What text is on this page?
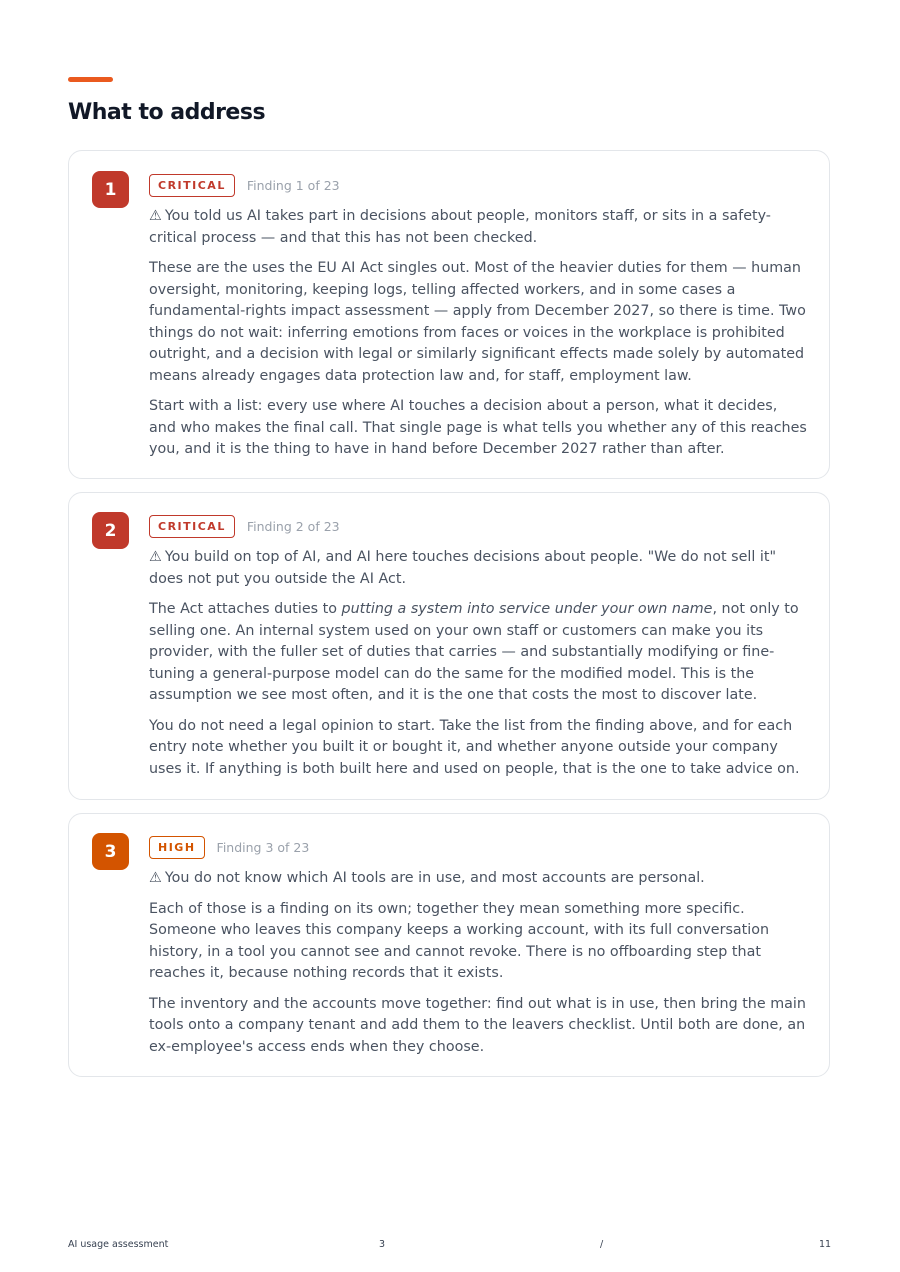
What to address
1	CRITICAL	Finding 1 of 23

⚠ You told us AI takes part in decisions about people, monitors staff, or sits in a safety-critical process — and that this has not been checked.

These are the uses the EU AI Act singles out. Most of the heavier duties for them — human oversight, monitoring, keeping logs, telling affected workers, and in some cases a fundamental-rights impact assessment — apply from December 2027, so there is time. Two things do not wait: inferring emotions from faces or voices in the workplace is prohibited outright, and a decision with legal or similarly significant effects made solely by automated means already engages data protection law and, for staff, employment law.

Start with a list: every use where AI touches a decision about a person, what it decides, and who makes the final call. That single page is what tells you whether any of this reaches you, and it is the thing to have in hand before December 2027 rather than after.

2	CRITICAL	Finding 2 of 23

⚠ You build on top of AI, and AI here touches decisions about people. "We do not sell it" does not put you outside the AI Act.

The Act attaches duties to putting a system into service under your own name, not only to selling one. An internal system used on your own staff or customers can make you its provider, with the fuller set of duties that carries — and substantially modifying or fine-tuning a general-purpose model can do the same for the modified model. This is the assumption we see most often, and it is the one that costs the most to discover late.

You do not need a legal opinion to start. Take the list from the finding above, and for each entry note whether you built it or bought it, and whether anyone outside your company uses it. If anything is both built here and used on people, that is the one to take advice on.

3	HIGH	Finding 3 of 23

⚠ You do not know which AI tools are in use, and most accounts are personal.

Each of those is a finding on its own; together they mean something more specific. Someone who leaves this company keeps a working account, with its full conversation history, in a tool you cannot see and cannot revoke. There is no offboarding step that reaches it, because nothing records that it exists.

The inventory and the accounts move together: find out what is in use, then bring the main tools onto a company tenant and add them to the leavers checklist. Until both are done, an ex-employee's access ends when they choose.

AI usage assessment	3	/	11
